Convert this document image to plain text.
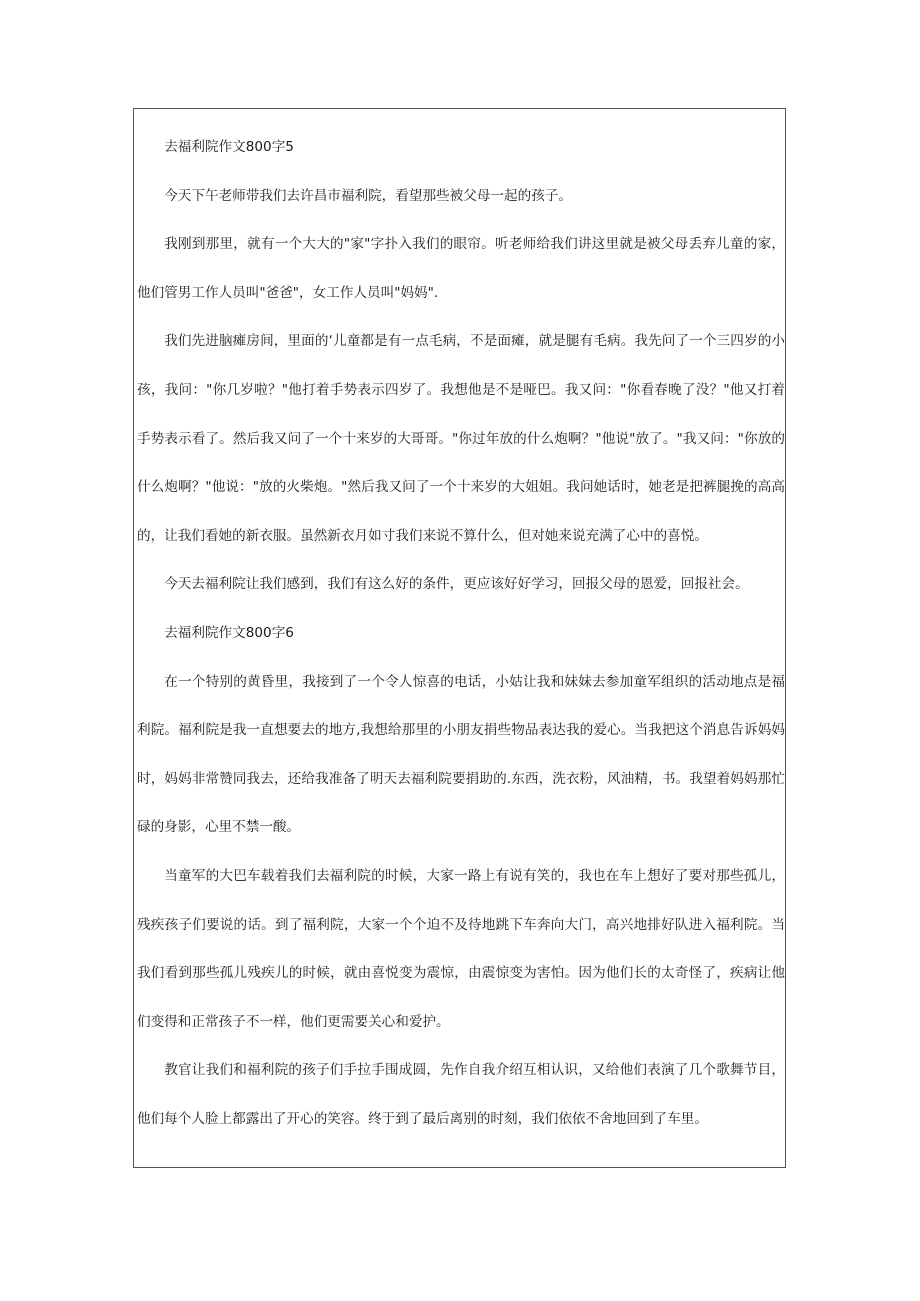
去福利院作文800字5

今天下午老师带我们去许昌市福利院，看望那些被父母一起的孩子。

我刚到那里，就有一个大大的"家"字扑入我们的眼帘。听老师给我们讲这里就是被父母丢弃儿童的家，他们管男工作人员叫"爸爸"，女工作人员叫"妈妈".

我们先进脑瘫房间，里面的‘儿童都是有一点毛病，不是面瘫，就是腿有毛病。我先问了一个三四岁的小孩，我问："你几岁啦？"他打着手势表示四岁了。我想他是不是哑巴。我又问："你看春晚了没？"他又打着手势表示看了。然后我又问了一个十来岁的大哥哥。"你过年放的什么炮啊？"他说"放了。"我又问："你放的什么炮啊？"他说："放的火柴炮。"然后我又问了一个十来岁的大姐姐。我问她话时，她老是把裤腿挽的高高的，让我们看她的新衣服。虽然新衣月如寸我们来说不算什么，但对她来说充满了心中的喜悦。

今天去福利院让我们感到，我们有这么好的条件，更应该好好学习，回报父母的恩爱，回报社会。

去福利院作文800字6

在一个特别的黄昏里，我接到了一个令人惊喜的电话，小姑让我和妹妹去参加童军组织的活动地点是福利院。福利院是我一直想要去的地方,我想给那里的小朋友捐些物品表达我的爱心。当我把这个消息告诉妈妈时，妈妈非常赞同我去，还给我准备了明天去福利院要捐助的.东西，洗衣粉，风油精，书。我望着妈妈那忙碌的身影，心里不禁一酸。

当童军的大巴车载着我们去福利院的时候，大家一路上有说有笑的，我也在车上想好了要对那些孤儿，残疾孩子们要说的话。到了福利院，大家一个个迫不及待地跳下车奔向大门，高兴地排好队进入福利院。当我们看到那些孤儿残疾儿的时候，就由喜悦变为震惊，由震惊变为害怕。因为他们长的太奇怪了，疾病让他们变得和正常孩子不一样，他们更需要关心和爱护。

教官让我们和福利院的孩子们手拉手围成圆，先作自我介绍互相认识，又给他们表演了几个歌舞节目，他们每个人脸上都露出了开心的笑容。终于到了最后离别的时刻，我们依依不舍地回到了车里。
